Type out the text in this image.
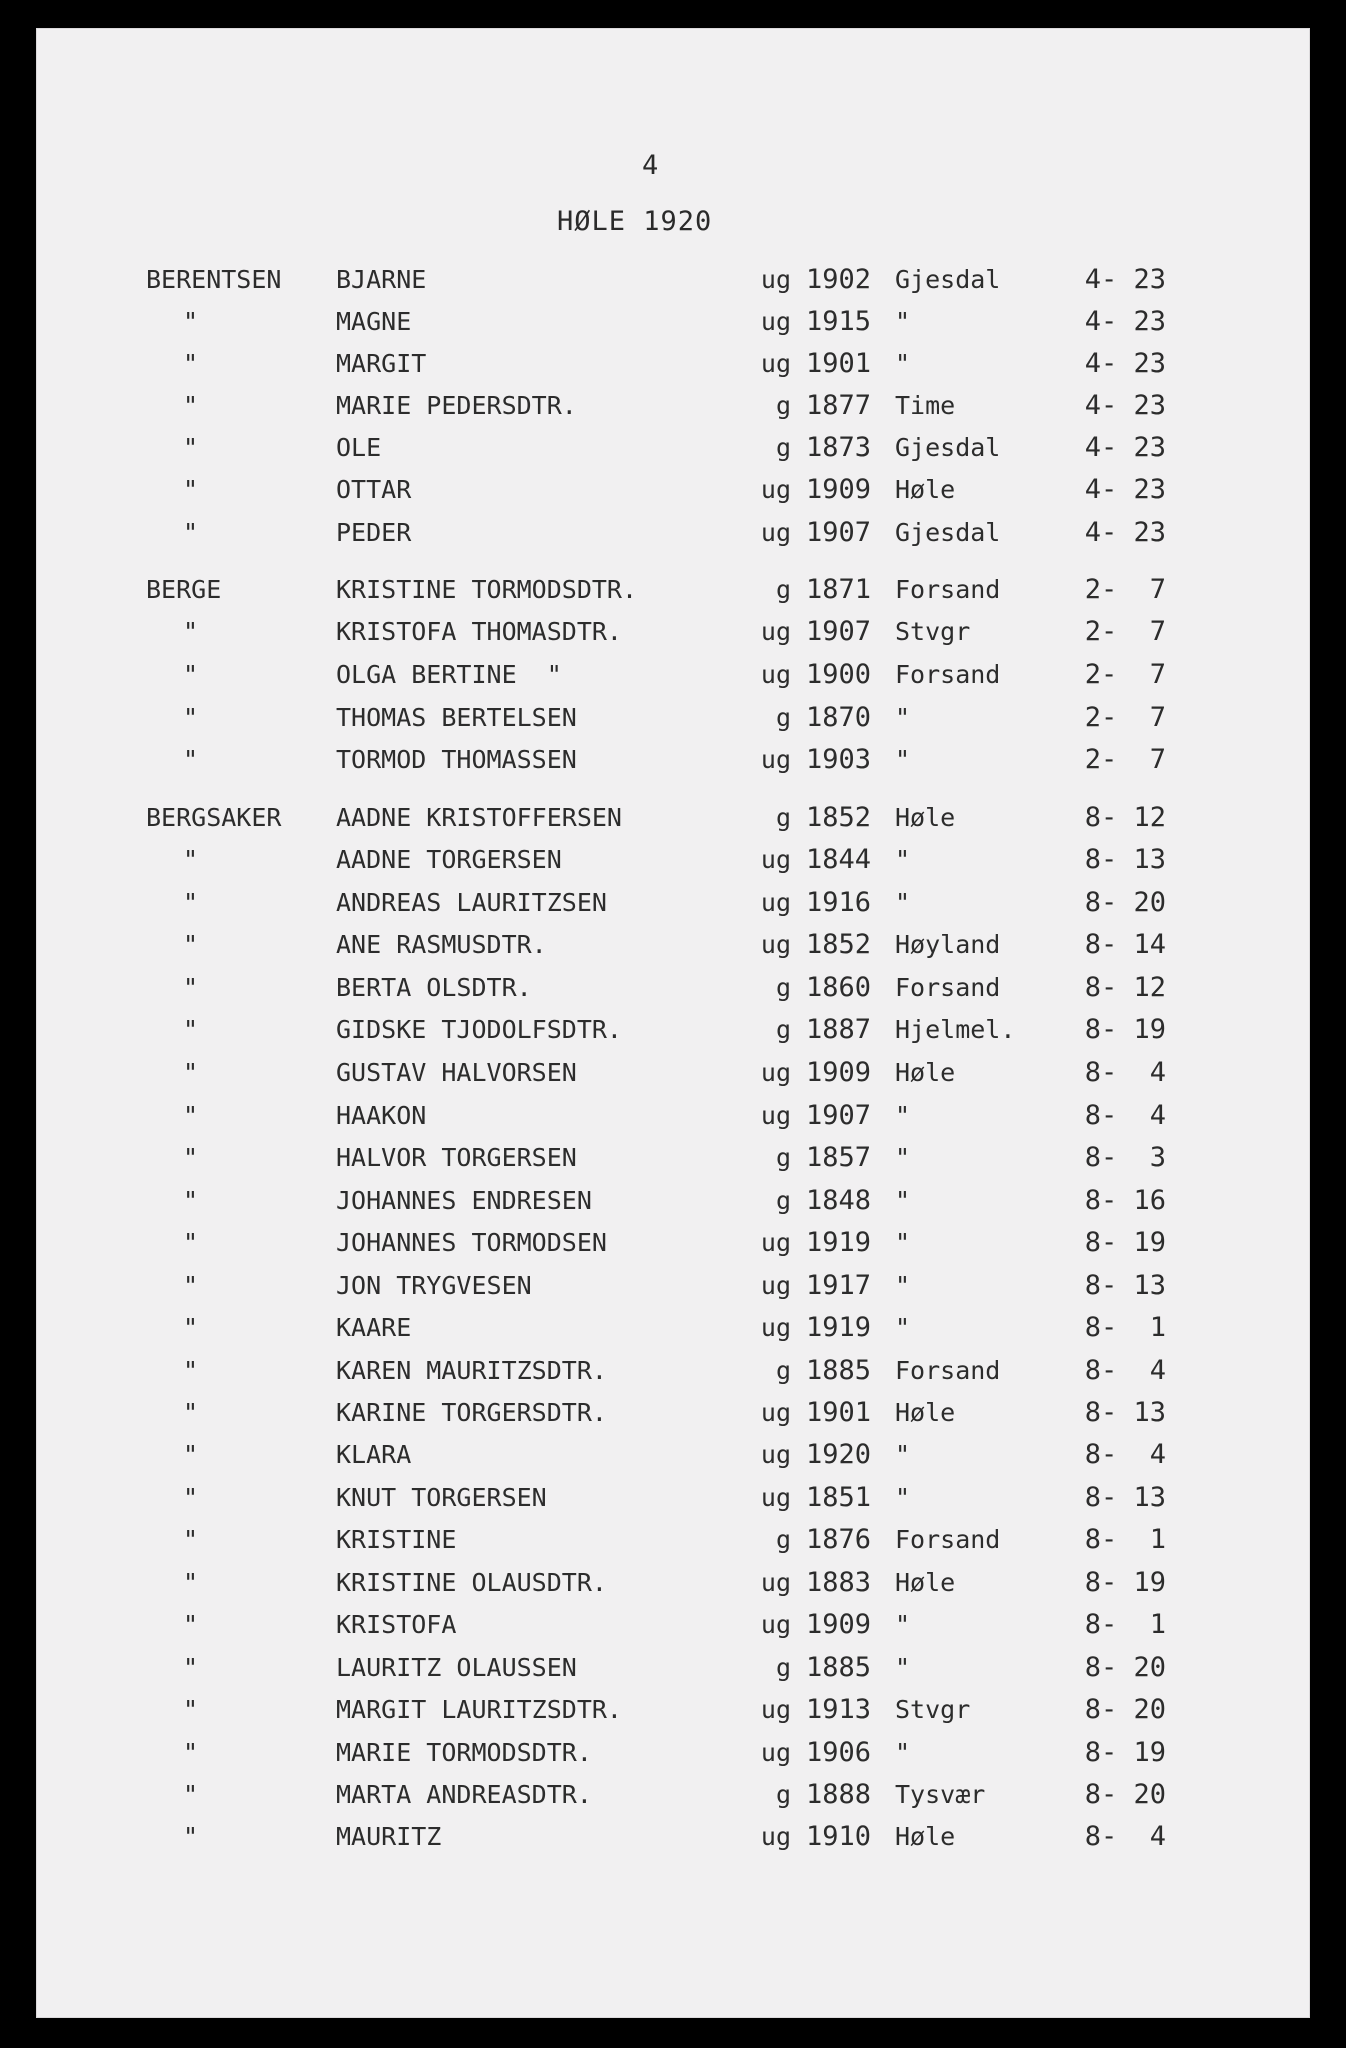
4
HØLE 1920
BERENTSEN BJARNE	ug 1902 Gjesdal	4- 23
"	MAGNE	ug 1915 "	4- 23
"	MARGIT	ug 1901 "	4- 23
"	MARIE PEDERSDTR.	g 1877 Time	4- 23
"	OLE	g 1873 Gjesdal	4- 23
"	OTTAR	ug 1909 Høle	4- 23
"	PEDER	ug 1907 Gjesdal	4- 23
BERGE	KRISTINE TORMODSDTR.	g 1871 Forsand	2-  7
"	KRISTOFA THOMASDTR.	ug 1907 Stvgr	2-  7
"	OLGA BERTINE  "	ug 1900 Forsand	2-  7
"	THOMAS BERTELSEN	g 1870 "	2-  7
"	TORMOD THOMASSEN	ug 1903 "	2-  7
BERGSAKER AADNE KRISTOFFERSEN	g 1852 Høle	8- 12
"	AADNE TORGERSEN	ug 1844 "	8- 13
"	ANDREAS LAURITZSEN	ug 1916 "	8- 20
"	ANE RASMUSDTR.	ug 1852 Høyland	8- 14
"	BERTA OLSDTR.	g 1860 Forsand	8- 12
"	GIDSKE TJODOLFSDTR.	g 1887 Hjelmel.	8- 19
"	GUSTAV HALVORSEN	ug 1909 Høle	8-  4
"	HAAKON	ug 1907 "	8-  4
"	HALVOR TORGERSEN	g 1857 "	8-  3
"	JOHANNES ENDRESEN	g 1848 "	8- 16
"	JOHANNES TORMODSEN	ug 1919 "	8- 19
"	JON TRYGVESEN	ug 1917 "	8- 13
"	KAARE	ug 1919 "	8-  1
"	KAREN MAURITZSDTR.	g 1885 Forsand	8-  4
"	KARINE TORGERSDTR.	ug 1901 Høle	8- 13
"	KLARA	ug 1920 "	8-  4
"	KNUT TORGERSEN	ug 1851 "	8- 13
"	KRISTINE	g 1876 Forsand	8-  1
"	KRISTINE OLAUSDTR.	ug 1883 Høle	8- 19
"	KRISTOFA	ug 1909 "	8-  1
"	LAURITZ OLAUSSEN	g 1885 "	8- 20
"	MARGIT LAURITZSDTR.	ug 1913 Stvgr	8- 20
"	MARIE TORMODSDTR.	ug 1906 "	8- 19
"	MARTA ANDREASDTR.	g 1888 Tysvær	8- 20
"	MAURITZ	ug 1910 Høle	8-  4
